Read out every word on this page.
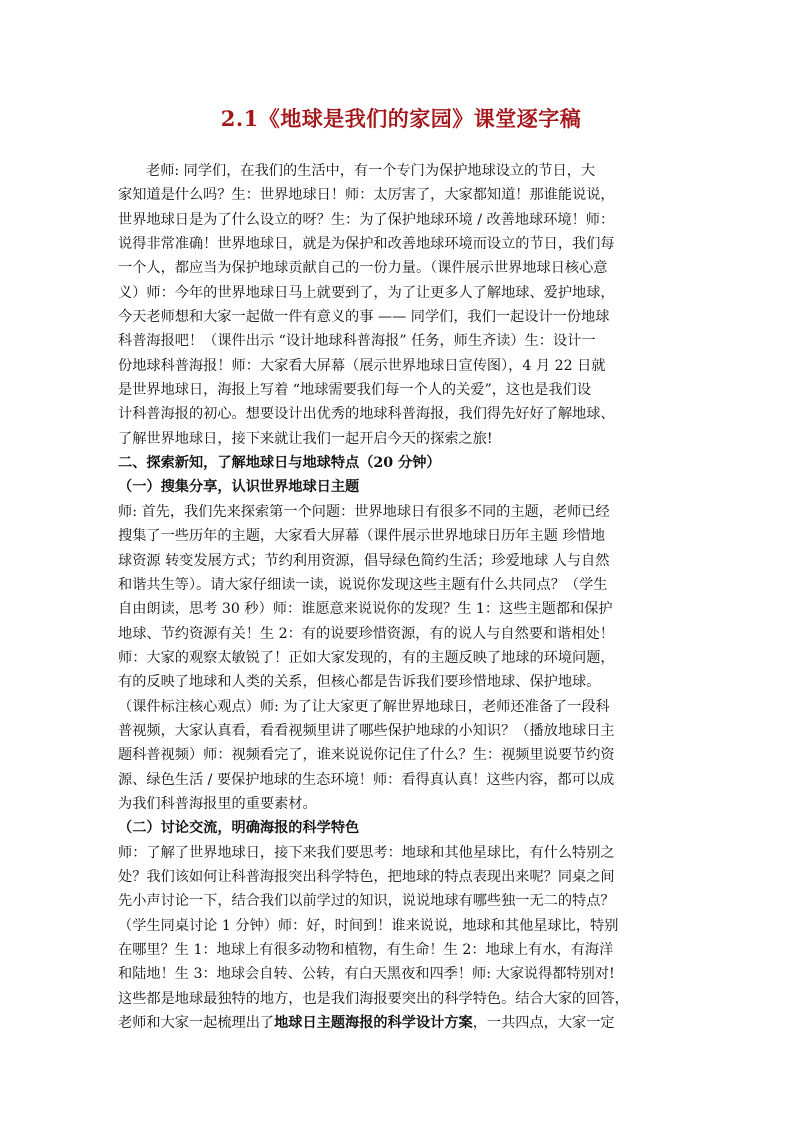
2.1《地球是我们的家园》课堂逐字稿
老师: 同学们，在我们的生活中，有一个专门为保护地球设立的节日，大
家知道是什么吗？生：世界地球日！师：太厉害了，大家都知道！那谁能说说，
世界地球日是为了什么设立的呀？生：为了保护地球环境 / 改善地球环境！师：
说得非常准确！世界地球日，就是为保护和改善地球环境而设立的节日，我们每
一个人，都应当为保护地球贡献自己的一份力量。（课件展示世界地球日核心意
义）师：今年的世界地球日马上就要到了，为了让更多人了解地球、爱护地球，
今天老师想和大家一起做一件有意义的事 —— 同学们，我们一起设计一份地球
科普海报吧！（课件出示 “设计地球科普海报” 任务，师生齐读）生：设计一
份地球科普海报！师：大家看大屏幕（展示世界地球日宣传图），4 月 22 日就
是世界地球日，海报上写着 “地球需要我们每一个人的关爱”，这也是我们设
计科普海报的初心。想要设计出优秀的地球科普海报，我们得先好好了解地球、
了解世界地球日，接下来就让我们一起开启今天的探索之旅!
二、探索新知，了解地球日与地球特点（20 分钟）
（一）搜集分享，认识世界地球日主题
师: 首先，我们先来探索第一个问题：世界地球日有很多不同的主题，老师已经
搜集了一些历年的主题，大家看大屏幕（课件展示世界地球日历年主题 珍惜地
球资源 转变发展方式；节约利用资源，倡导绿色简约生活；珍爱地球 人与自然
和谐共生等）。请大家仔细读一读，说说你发现这些主题有什么共同点？（学生
自由朗读，思考 30 秒）师：谁愿意来说说你的发现？生 1：这些主题都和保护
地球、节约资源有关！生 2：有的说要珍惜资源，有的说人与自然要和谐相处！
师：大家的观察太敏锐了！正如大家发现的，有的主题反映了地球的环境问题，
有的反映了地球和人类的关系，但核心都是告诉我们要珍惜地球、保护地球。
（课件标注核心观点）师: 为了让大家更了解世界地球日，老师还准备了一段科
普视频，大家认真看，看看视频里讲了哪些保护地球的小知识？（播放地球日主
题科普视频）师：视频看完了，谁来说说你记住了什么？生：视频里说要节约资
源、绿色生活 / 要保护地球的生态环境！师：看得真认真！这些内容，都可以成
为我们科普海报里的重要素材。
（二）讨论交流，明确海报的科学特色
师：了解了世界地球日，接下来我们要思考：地球和其他星球比，有什么特别之
处？我们该如何让科普海报突出科学特色，把地球的特点表现出来呢？同桌之间
先小声讨论一下，结合我们以前学过的知识，说说地球有哪些独一无二的特点？
（学生同桌讨论 1 分钟）师：好，时间到！谁来说说，地球和其他星球比，特别
在哪里？生 1：地球上有很多动物和植物，有生命！生 2：地球上有水，有海洋
和陆地！生 3：地球会自转、公转，有白天黑夜和四季！师: 大家说得都特别对!
这些都是地球最独特的地方，也是我们海报要突出的科学特色。结合大家的回答，
老师和大家一起梳理出了地球日主题海报的科学设计方案，一共四点，大家一定
